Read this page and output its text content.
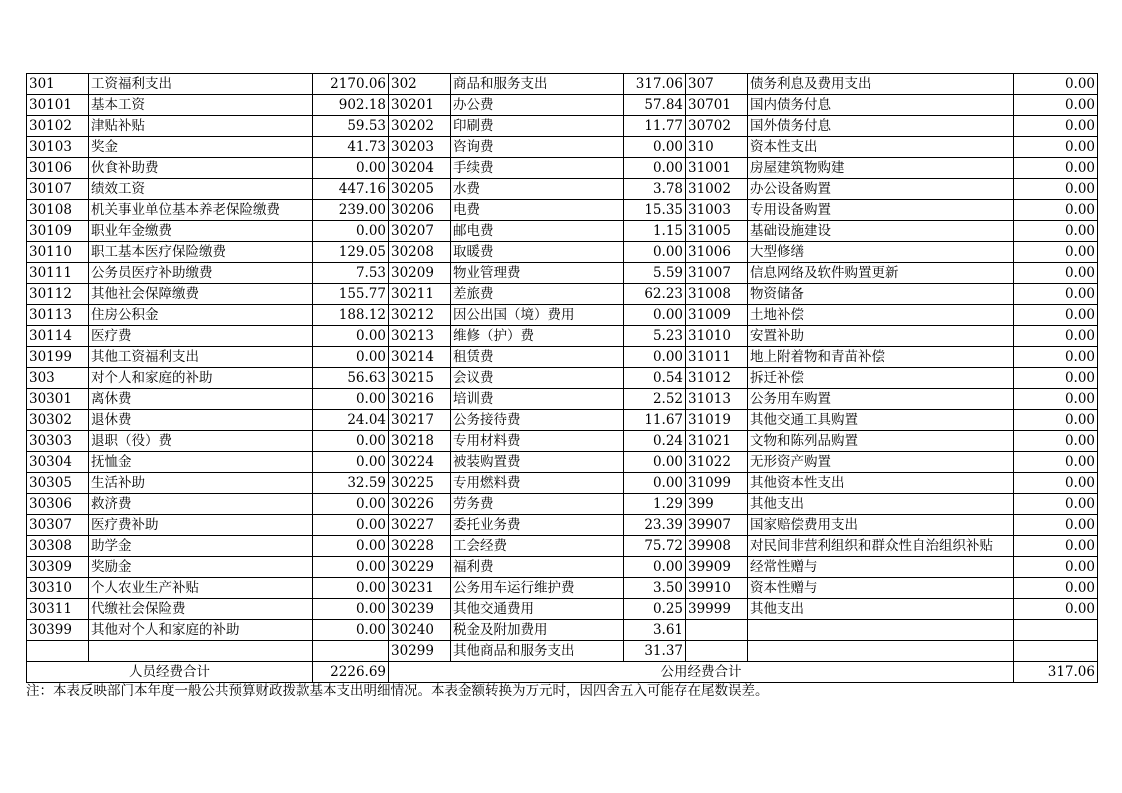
301	工资福利支出	2170.06	302	商品和服务支出	317.06	307	债务利息及费用支出	0.00
30101	基本工资	902.18	30201	办公费	57.84	30701	国内债务付息	0.00
30102	津贴补贴	59.53	30202	印刷费	11.77	30702	国外债务付息	0.00
30103	奖金	41.73	30203	咨询费	0.00	310	资本性支出	0.00
30106	伙食补助费	0.00	30204	手续费	0.00	31001	房屋建筑物购建	0.00
30107	绩效工资	447.16	30205	水费	3.78	31002	办公设备购置	0.00
30108	机关事业单位基本养老保险缴费	239.00	30206	电费	15.35	31003	专用设备购置	0.00
30109	职业年金缴费	0.00	30207	邮电费	1.15	31005	基础设施建设	0.00
30110	职工基本医疗保险缴费	129.05	30208	取暖费	0.00	31006	大型修缮	0.00
30111	公务员医疗补助缴费	7.53	30209	物业管理费	5.59	31007	信息网络及软件购置更新	0.00
30112	其他社会保障缴费	155.77	30211	差旅费	62.23	31008	物资储备	0.00
30113	住房公积金	188.12	30212	因公出国（境）费用	0.00	31009	土地补偿	0.00
30114	医疗费	0.00	30213	维修（护）费	5.23	31010	安置补助	0.00
30199	其他工资福利支出	0.00	30214	租赁费	0.00	31011	地上附着物和青苗补偿	0.00
303	对个人和家庭的补助	56.63	30215	会议费	0.54	31012	拆迁补偿	0.00
30301	离休费	0.00	30216	培训费	2.52	31013	公务用车购置	0.00
30302	退休费	24.04	30217	公务接待费	11.67	31019	其他交通工具购置	0.00
30303	退职（役）费	0.00	30218	专用材料费	0.24	31021	文物和陈列品购置	0.00
30304	抚恤金	0.00	30224	被装购置费	0.00	31022	无形资产购置	0.00
30305	生活补助	32.59	30225	专用燃料费	0.00	31099	其他资本性支出	0.00
30306	救济费	0.00	30226	劳务费	1.29	399	其他支出	0.00
30307	医疗费补助	0.00	30227	委托业务费	23.39	39907	国家赔偿费用支出	0.00
30308	助学金	0.00	30228	工会经费	75.72	39908	对民间非营利组织和群众性自治组织补贴	0.00
30309	奖励金	0.00	30229	福利费	0.00	39909	经常性赠与	0.00
30310	个人农业生产补贴	0.00	30231	公务用车运行维护费	3.50	39910	资本性赠与	0.00
30311	代缴社会保险费	0.00	30239	其他交通费用	0.25	39999	其他支出	0.00
30399	其他对个人和家庭的补助	0.00	30240	税金及附加费用	3.61			
			30299	其他商品和服务支出	31.37			
人员经费合计		2226.69	公用经费合计					317.06
注：本表反映部门本年度一般公共预算财政拨款基本支出明细情况。本表金额转换为万元时，因四舍五入可能存在尾数误差。
